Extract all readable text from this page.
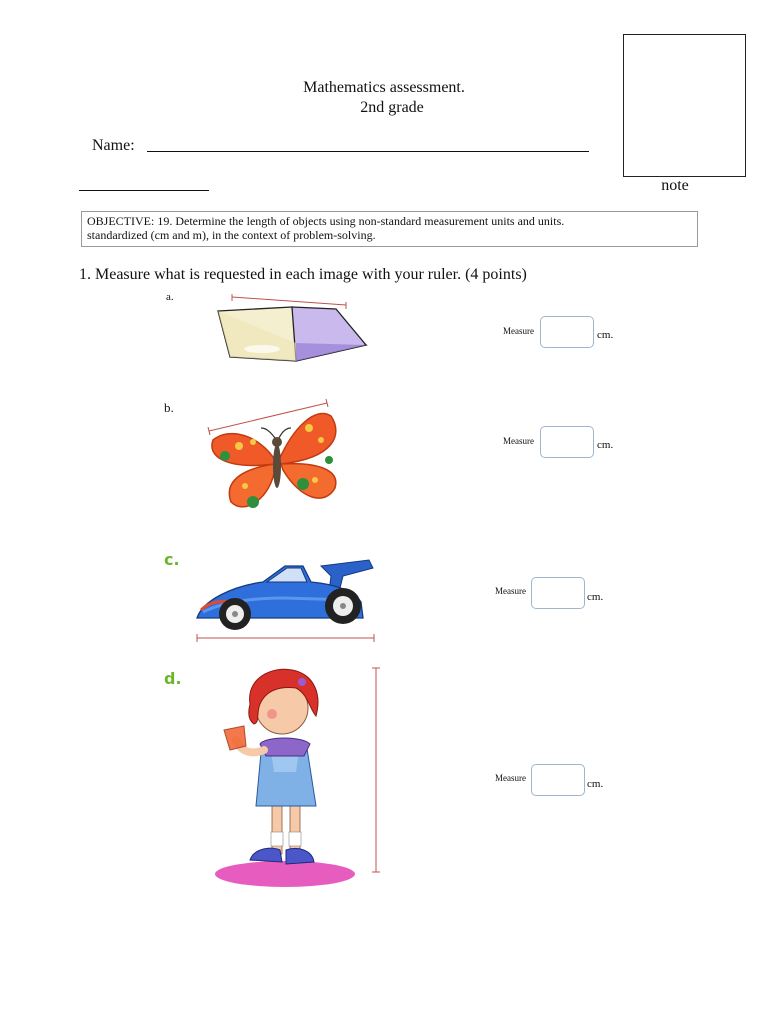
Mathematics assessment.
2nd grade
note
Name:
OBJECTIVE: 19. Determine the length of objects using non-standard measurement units and units.
standardized (cm and m), in the context of problem-solving.
1. Measure what is requested in each image with your ruler. (4 points)
a.
Measure	cm.
b.
Measure	cm.
c.
Measure	cm.
d.
Measure	cm.
